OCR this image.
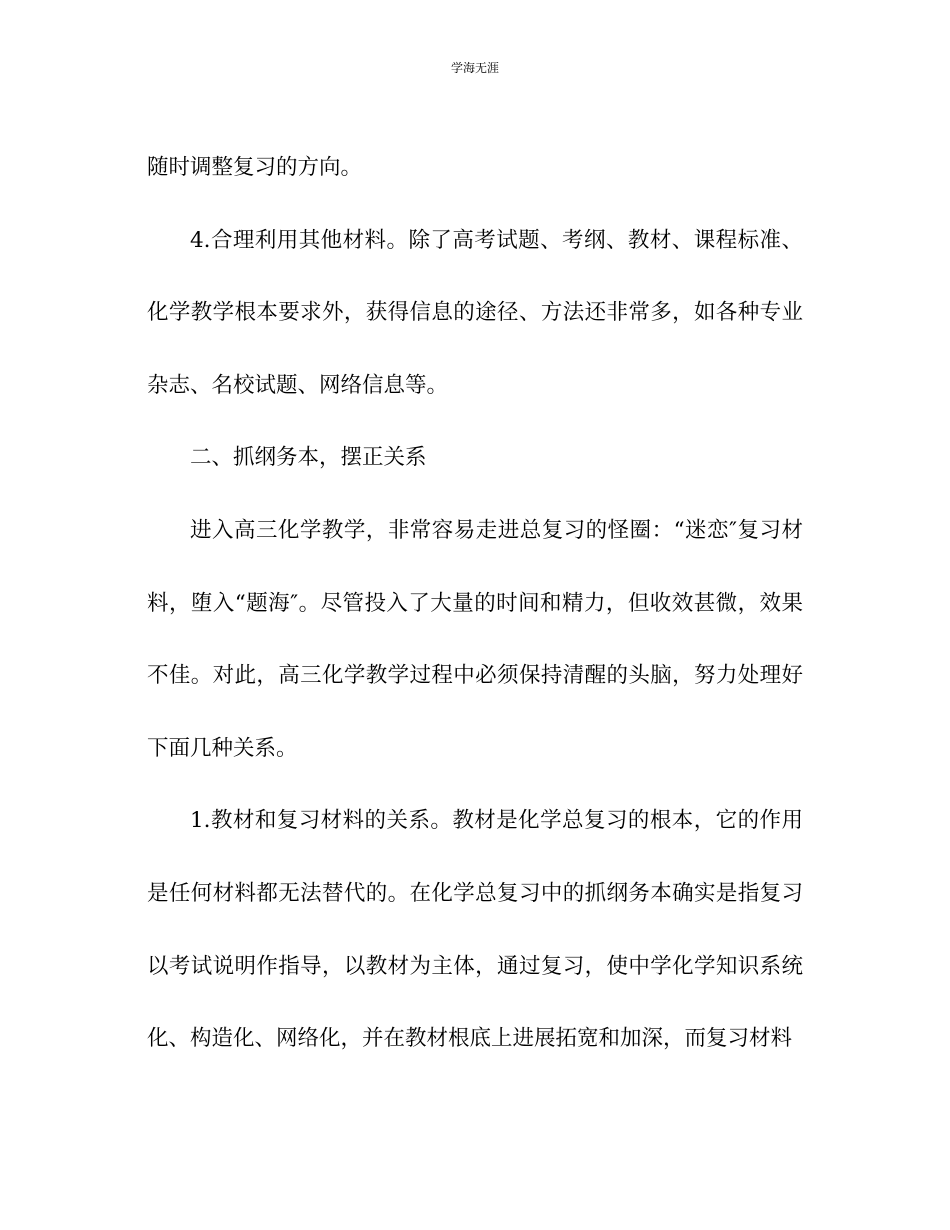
学海无涯

随时调整复习的方向。

4.合理利用其他材料。除了高考试题、考纲、教材、课程标准、化学教学根本要求外，获得信息的途径、方法还非常多，如各种专业杂志、名校试题、网络信息等。

二、抓纲务本，摆正关系

进入高三化学教学，非常容易走进总复习的怪圈：“迷恋″复习材料，堕入“题海″。尽管投入了大量的时间和精力，但收效甚微，效果不佳。对此，高三化学教学过程中必须保持清醒的头脑，努力处理好下面几种关系。

1.教材和复习材料的关系。教材是化学总复习的根本，它的作用是任何材料都无法替代的。在化学总复习中的抓纲务本确实是指复习以考试说明作指导，以教材为主体，通过复习，使中学化学知识系统化、构造化、网络化，并在教材根底上进展拓宽和加深，而复习材料
